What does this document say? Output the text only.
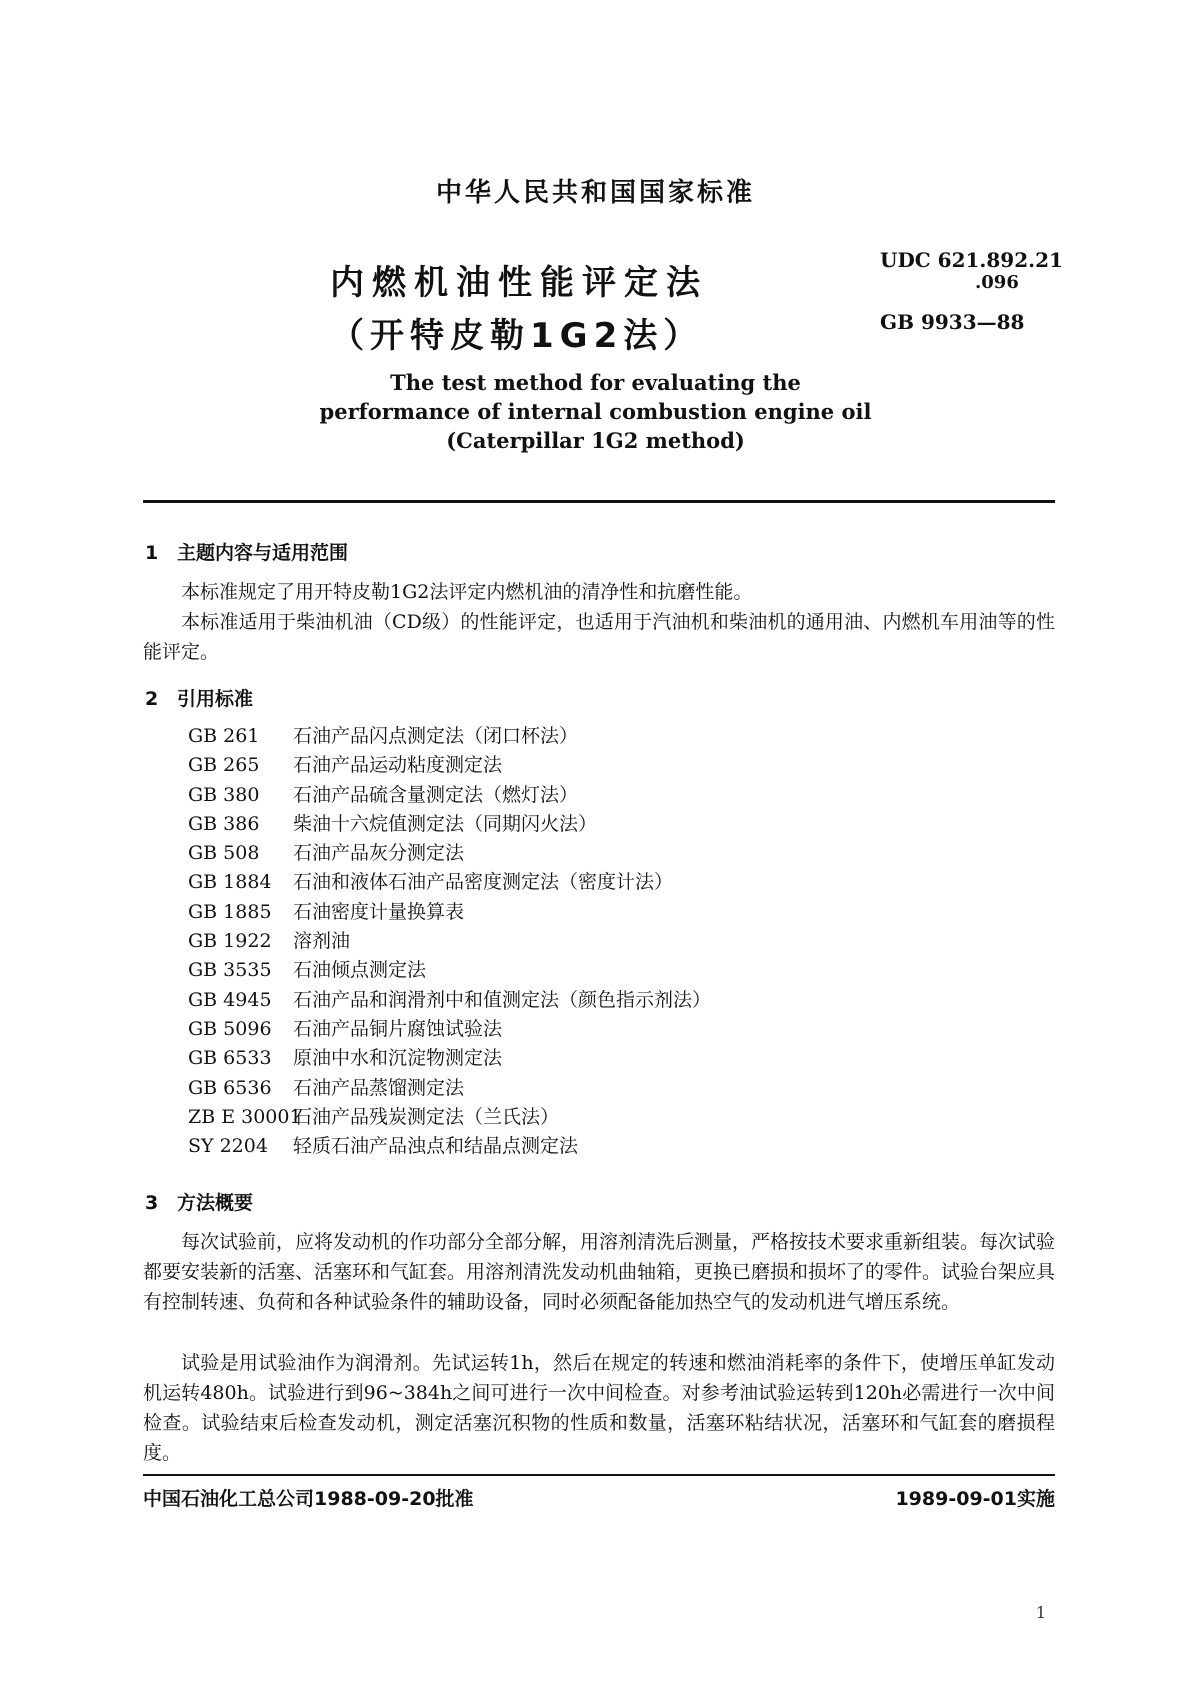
中华人民共和国国家标准
内燃机油性能评定法
（开特皮勒1G2法）
UDC 621.892.21
.096
GB 9933—88
The test method for evaluating the
performance of internal combustion engine oil
(Caterpillar 1G2 method)
1 主题内容与适用范围
本标准规定了用开特皮勒1G2法评定内燃机油的清净性和抗磨性能。
本标准适用于柴油机油（CD级）的性能评定，也适用于汽油机和柴油机的通用油、内燃机车用油等的性能评定。
2 引用标准
GB 261 石油产品闪点测定法（闭口杯法）
GB 265 石油产品运动粘度测定法
GB 380 石油产品硫含量测定法（燃灯法）
GB 386 柴油十六烷值测定法（同期闪火法）
GB 508 石油产品灰分测定法
GB 1884 石油和液体石油产品密度测定法（密度计法）
GB 1885 石油密度计量换算表
GB 1922 溶剂油
GB 3535 石油倾点测定法
GB 4945 石油产品和润滑剂中和值测定法（颜色指示剂法）
GB 5096 石油产品铜片腐蚀试验法
GB 6533 原油中水和沉淀物测定法
GB 6536 石油产品蒸馏测定法
ZB E 30001石油产品残炭测定法（兰氏法）
SY 2204 轻质石油产品浊点和结晶点测定法
3 方法概要
每次试验前，应将发动机的作功部分全部分解，用溶剂清洗后测量，严格按技术要求重新组装。每次试验都要安装新的活塞、活塞环和气缸套。用溶剂清洗发动机曲轴箱，更换已磨损和损坏了的零件。试验台架应具有控制转速、负荷和各种试验条件的辅助设备，同时必须配备能加热空气的发动机进气增压系统。
试验是用试验油作为润滑剂。先试运转1h，然后在规定的转速和燃油消耗率的条件下，使增压单缸发动机运转480h。试验进行到96~384h之间可进行一次中间检查。对参考油试验运转到120h必需进行一次中间检查。试验结束后检查发动机，测定活塞沉积物的性质和数量，活塞环粘结状况，活塞环和气缸套的磨损程度。
中国石油化工总公司1988-09-20批准	1989-09-01实施
1
